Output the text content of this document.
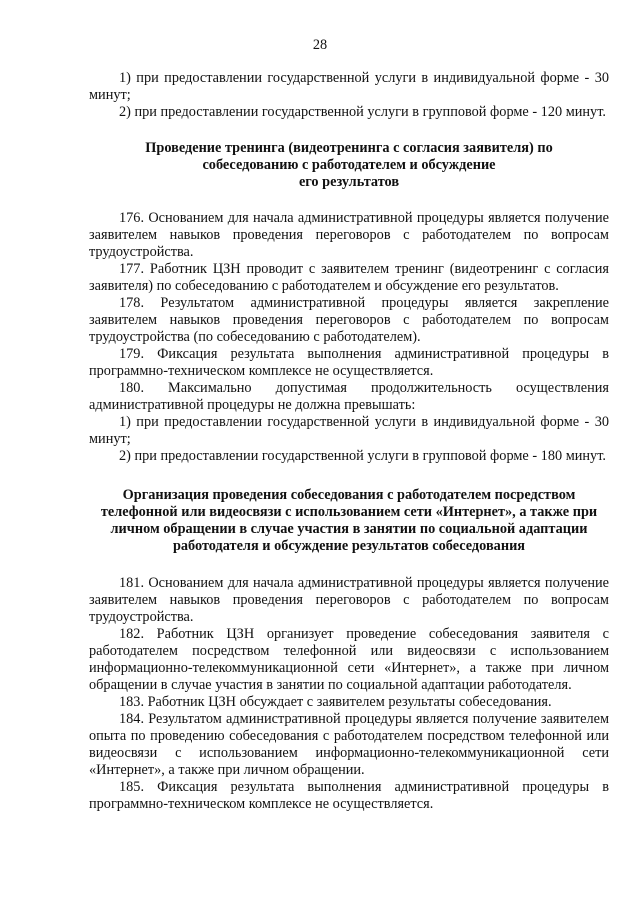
28

1) при предоставлении государственной услуги в индивидуальной форме - 30 минут;

2) при предоставлении государственной услуги в групповой форме - 120 минут.

Проведение тренинга (видеотренинга с согласия заявителя) по

собеседованию с работодателем и обсуждение

его результатов

176. Основанием для начала административной процедуры является получение заявителем навыков проведения переговоров с работодателем по вопросам трудоустройства.

177. Работник ЦЗН проводит с заявителем тренинг (видеотренинг с согласия заявителя) по собеседованию с работодателем и обсуждение его результатов.

178. Результатом административной процедуры является закрепление заявителем навыков проведения переговоров с работодателем по вопросам трудоустройства (по собеседованию с работодателем).

179. Фиксация результата выполнения административной процедуры в программно-техническом комплексе не осуществляется.

180. Максимально допустимая продолжительность осуществления административной процедуры не должна превышать:

1) при предоставлении государственной услуги в индивидуальной форме - 30 минут;

2) при предоставлении государственной услуги в групповой форме - 180 минут.

Организация проведения собеседования с работодателем посредством

телефонной или видеосвязи с использованием сети «Интернет», а также при

личном обращении в случае участия в занятии по социальной адаптации

работодателя и обсуждение результатов собеседования

181. Основанием для начала административной процедуры является получение заявителем навыков проведения переговоров с работодателем по вопросам трудоустройства.

182. Работник ЦЗН организует проведение собеседования заявителя с работодателем посредством телефонной или видеосвязи с использованием информационно-телекоммуникационной сети «Интернет», а также при личном обращении в случае участия в занятии по социальной адаптации работодателя.

183. Работник ЦЗН обсуждает с заявителем результаты собеседования.

184. Результатом административной процедуры является получение заявителем опыта по проведению собеседования с работодателем посредством телефонной или видеосвязи с использованием информационно-телекоммуникационной сети «Интернет», а также при личном обращении.

185. Фиксация результата выполнения административной процедуры в программно-техническом комплексе не осуществляется.
